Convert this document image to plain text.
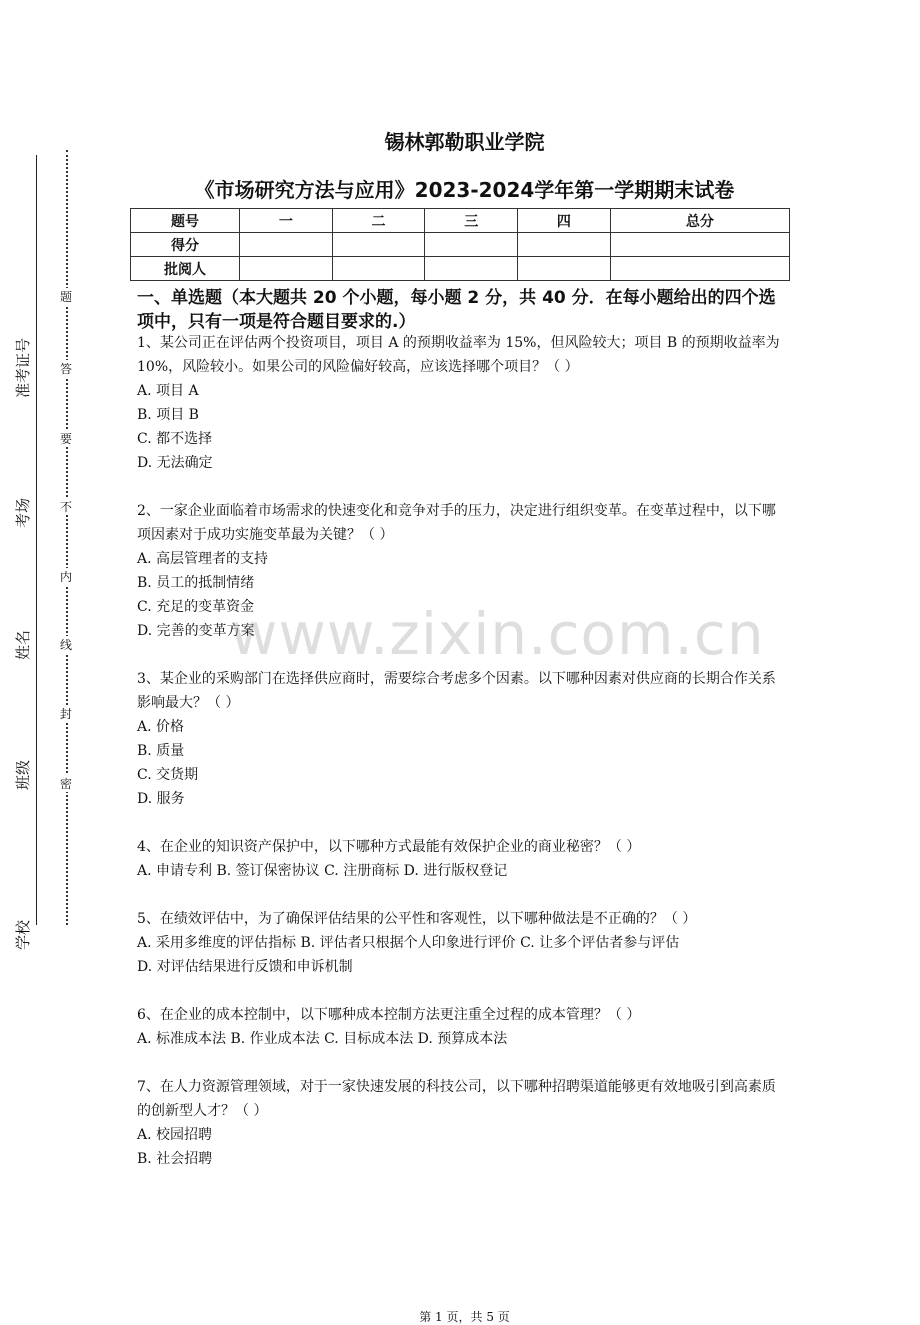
准考证号
考场
姓名
班级
学校
题
答
要
不
内
线
封
密
锡林郭勒职业学院
《市场研究方法与应用》2023-2024学年第一学期期末试卷
题号	一	二	三	四	总分
得分					
批阅人					
一、单选题（本大题共 20 个小题，每小题 2 分，共 40 分．在每小题给出的四个选项中，只有一项是符合题目要求的.）

1、某公司正在评估两个投资项目，项目 A 的预期收益率为 15%，但风险较大；项目 B 的预期收益率为 10%，风险较小。如果公司的风险偏好较高，应该选择哪个项目？（ ）

A. 项目 A

B. 项目 B

C. 都不选择

D. 无法确定

2、一家企业面临着市场需求的快速变化和竞争对手的压力，决定进行组织变革。在变革过程中，以下哪项因素对于成功实施变革最为关键？（ ）

A. 高层管理者的支持

B. 员工的抵制情绪

C. 充足的变革资金

D. 完善的变革方案

3、某企业的采购部门在选择供应商时，需要综合考虑多个因素。以下哪种因素对供应商的长期合作关系影响最大？（ ）

A. 价格

B. 质量

C. 交货期

D. 服务

4、在企业的知识资产保护中，以下哪种方式最能有效保护企业的商业秘密？（ ）

A. 申请专利 B. 签订保密协议 C. 注册商标 D. 进行版权登记

5、在绩效评估中，为了确保评估结果的公平性和客观性，以下哪种做法是不正确的？（ ）

A. 采用多维度的评估指标 B. 评估者只根据个人印象进行评价 C. 让多个评估者参与评估

D. 对评估结果进行反馈和申诉机制

6、在企业的成本控制中，以下哪种成本控制方法更注重全过程的成本管理？（ ）

A. 标准成本法 B. 作业成本法 C. 目标成本法 D. 预算成本法

7、在人力资源管理领域，对于一家快速发展的科技公司，以下哪种招聘渠道能够更有效地吸引到高素质的创新型人才？（ ）

A. 校园招聘

B. 社会招聘

第 1 页，共 5 页
www.zixin.com.cn
